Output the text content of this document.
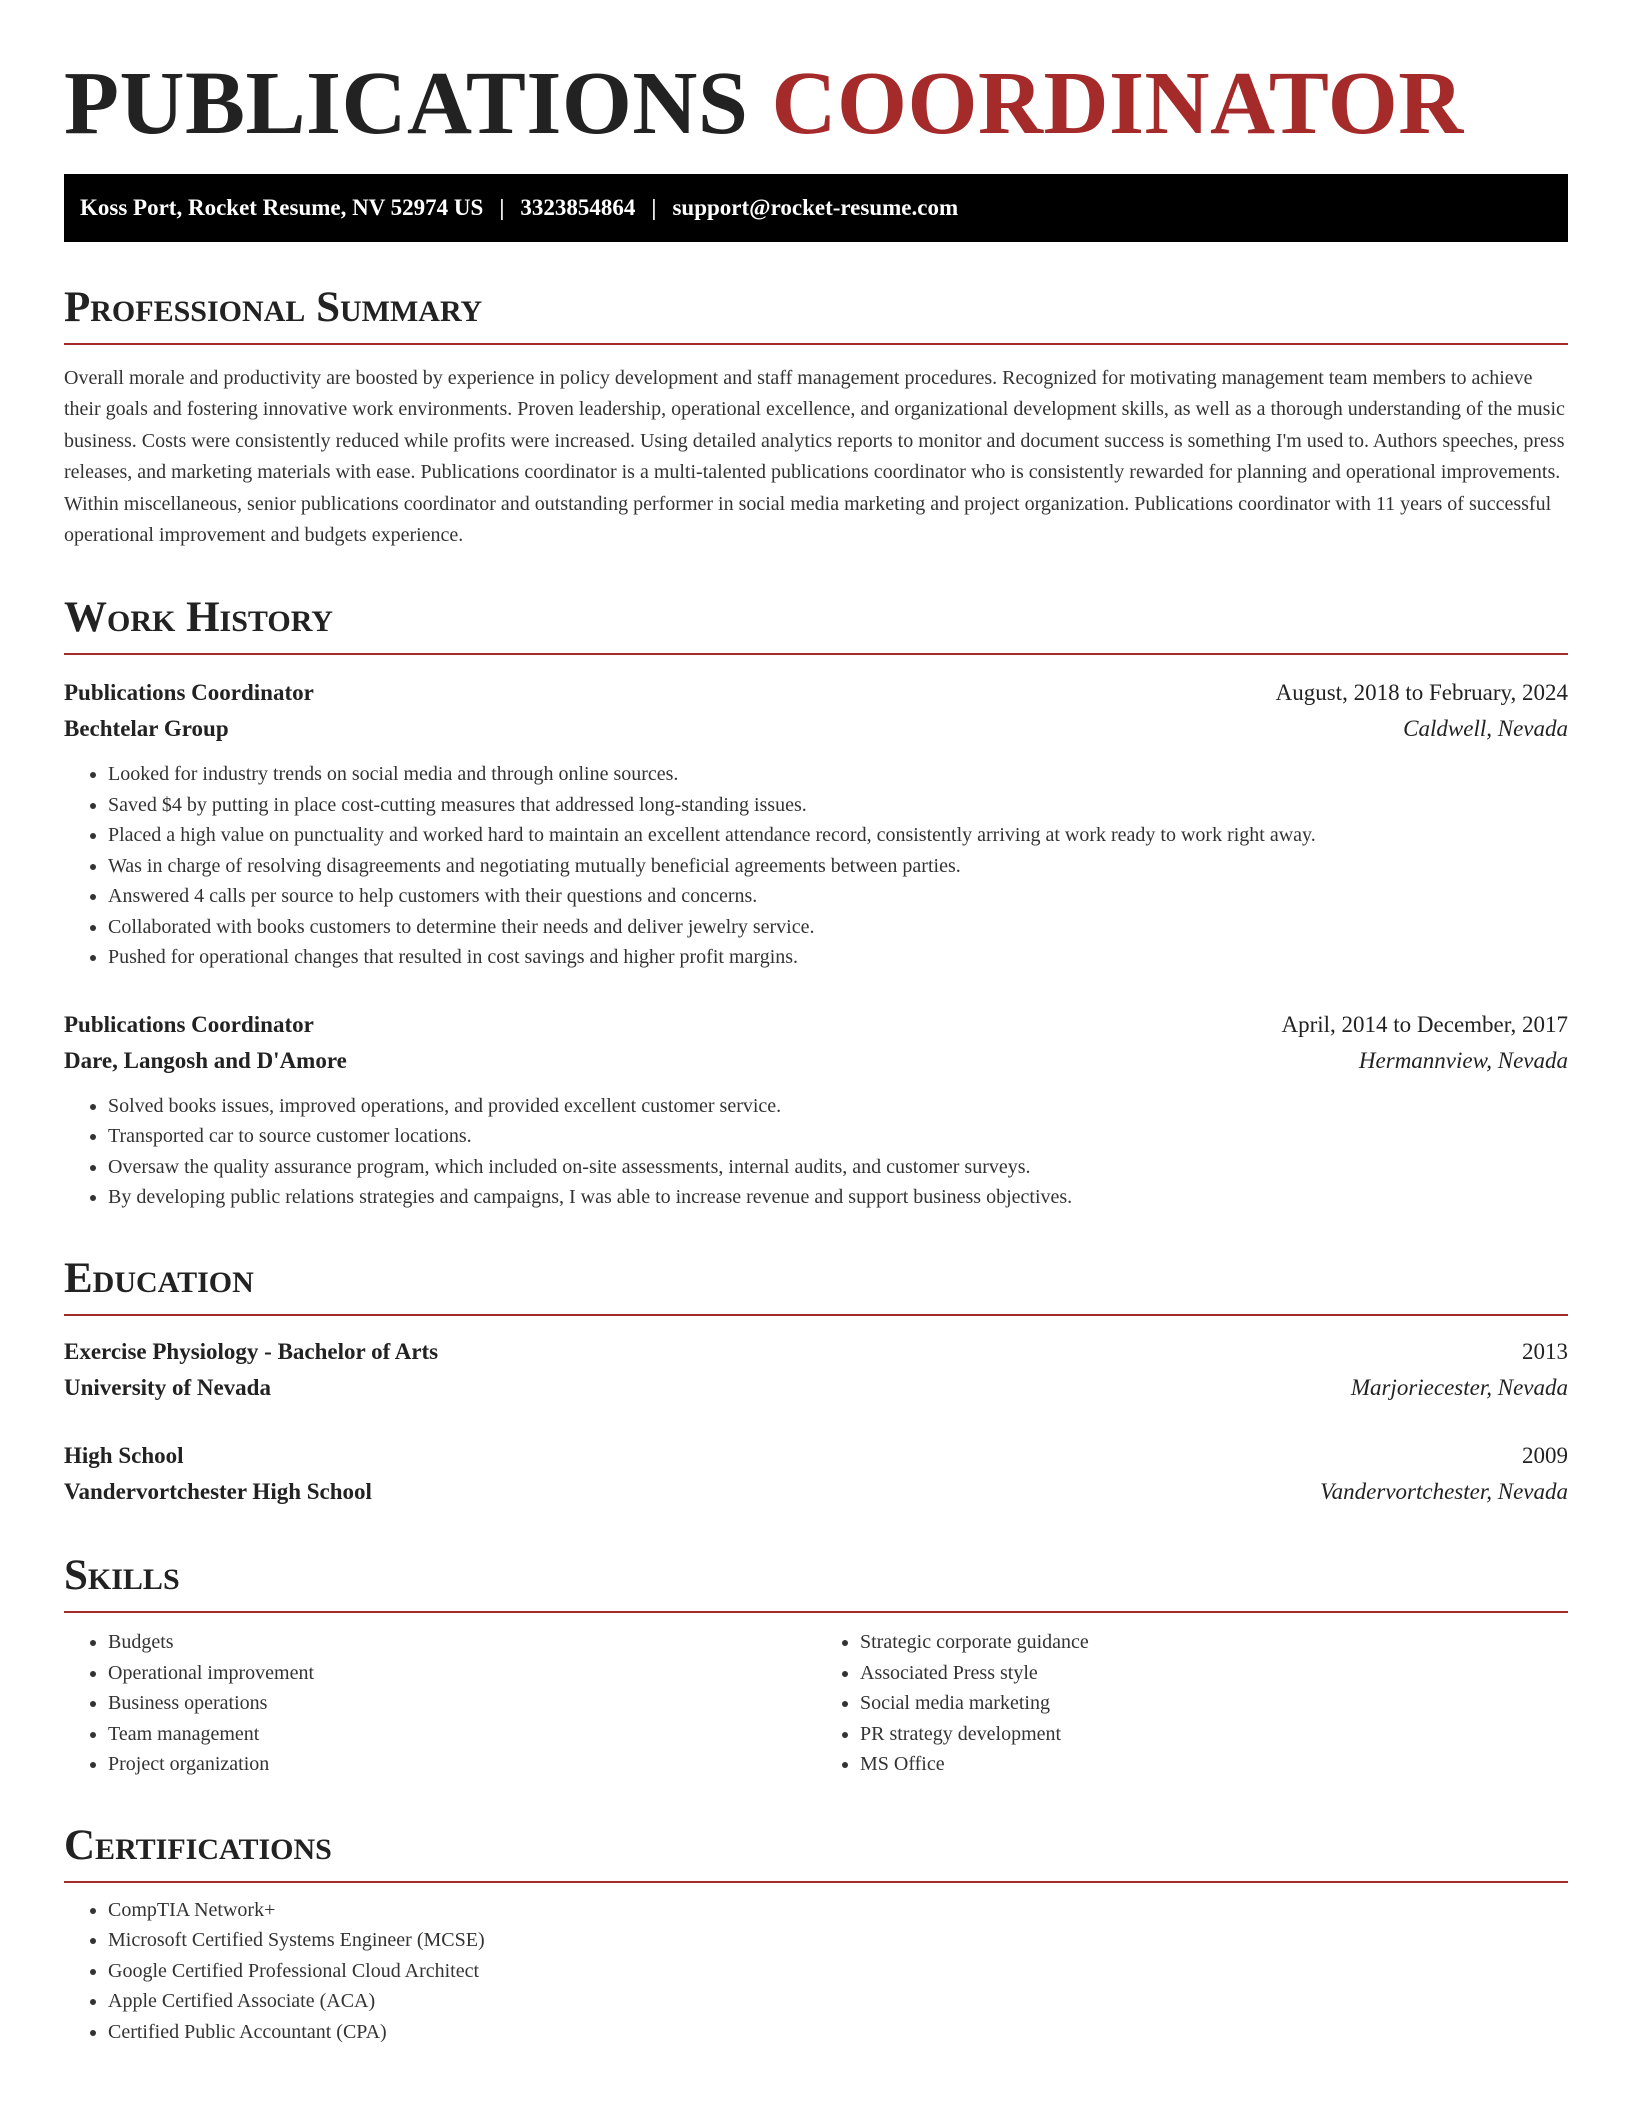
PUBLICATIONS COORDINATOR
Koss Port, Rocket Resume, NV 52974 US | 3323854864 | support@rocket-resume.com
Professional Summary

Overall morale and productivity are boosted by experience in policy development and staff management procedures. Recognized for motivating management team members to achieve their goals and fostering innovative work environments. Proven leadership, operational excellence, and organizational development skills, as well as a thorough understanding of the music business. Costs were consistently reduced while profits were increased. Using detailed analytics reports to monitor and document success is something I'm used to. Authors speeches, press releases, and marketing materials with ease. Publications coordinator is a multi-talented publications coordinator who is consistently rewarded for planning and operational improvements. Within miscellaneous, senior publications coordinator and outstanding performer in social media marketing and project organization. Publications coordinator with 11 years of successful operational improvement and budgets experience.

Work History
Publications Coordinator	August, 2018 to February, 2024
Bechtelar Group	Caldwell, Nevada
• Looked for industry trends on social media and through online sources.
• Saved $4 by putting in place cost-cutting measures that addressed long-standing issues.
• Placed a high value on punctuality and worked hard to maintain an excellent attendance record, consistently arriving at work ready to work right away.
• Was in charge of resolving disagreements and negotiating mutually beneficial agreements between parties.
• Answered 4 calls per source to help customers with their questions and concerns.
• Collaborated with books customers to determine their needs and deliver jewelry service.
• Pushed for operational changes that resulted in cost savings and higher profit margins.
Publications Coordinator	April, 2014 to December, 2017
Dare, Langosh and D'Amore	Hermannview, Nevada
• Solved books issues, improved operations, and provided excellent customer service.
• Transported car to source customer locations.
• Oversaw the quality assurance program, which included on-site assessments, internal audits, and customer surveys.
• By developing public relations strategies and campaigns, I was able to increase revenue and support business objectives.
Education
Exercise Physiology - Bachelor of Arts	2013
University of Nevada	Marjoriecester, Nevada
High School	2009
Vandervortchester High School	Vandervortchester, Nevada
Skills
• Budgets
• Operational improvement
• Business operations
• Team management
• Project organization
• Strategic corporate guidance
• Associated Press style
• Social media marketing
• PR strategy development
• MS Office
Certifications
• CompTIA Network+
• Microsoft Certified Systems Engineer (MCSE)
• Google Certified Professional Cloud Architect
• Apple Certified Associate (ACA)
• Certified Public Accountant (CPA)
